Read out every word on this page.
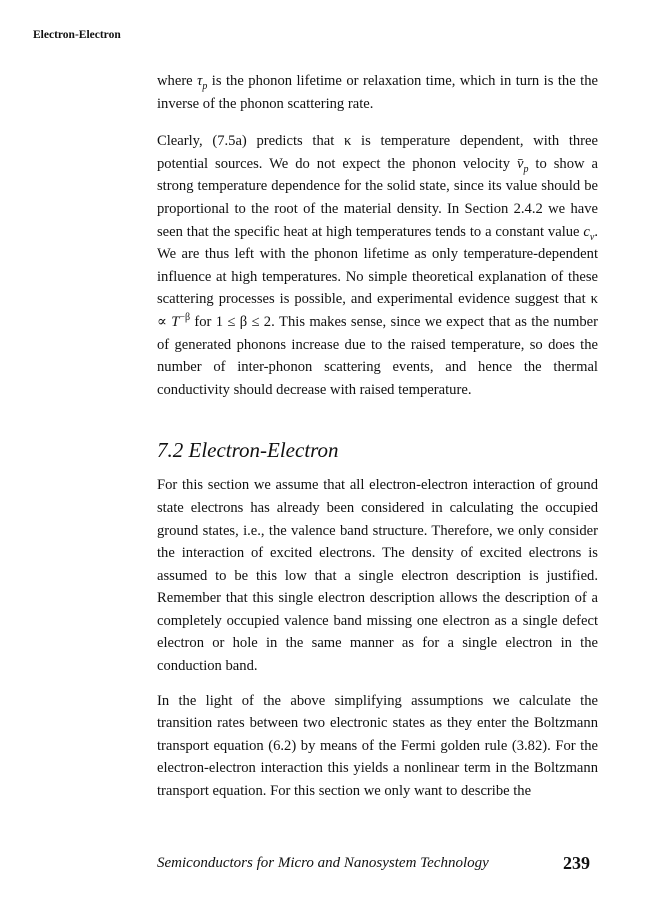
Electron-Electron

where $\tau_p$ is the phonon lifetime or relaxation time, which in turn is the the inverse of the phonon scattering rate.

Clearly, (7.5a) predicts that κ is temperature dependent, with three potential sources. We do not expect the phonon velocity $v̄_p$ to show a strong temperature dependence for the solid state, since its value should be proportional to the root of the material density. In Section 2.4.2 we have seen that the specific heat at high temperatures tends to a constant value $c_v$. We are thus left with the phonon lifetime as only temperature-dependent influence at high temperatures. No simple theoretical explanation of these scattering processes is possible, and experimental evidence suggest that $\kappa \propto T^{-\beta}$ for 1 ≤ β ≤ 2. This makes sense, since we expect that as the number of generated phonons increase due to the raised temperature, so does the number of inter-phonon scattering events, and hence the thermal conductivity should decrease with raised temperature.

7.2 Electron-Electron

For this section we assume that all electron-electron interaction of ground state electrons has already been considered in calculating the occupied ground states, i.e., the valence band structure. Therefore, we only consider the interaction of excited electrons. The density of excited electrons is assumed to be this low that a single electron description is justified. Remember that this single electron description allows the description of a completely occupied valence band missing one electron as a single defect electron or hole in the same manner as for a single electron in the conduction band.

In the light of the above simplifying assumptions we calculate the transition rates between two electronic states as they enter the Boltzmann transport equation (6.2) by means of the Fermi golden rule (3.82). For the electron-electron interaction this yields a nonlinear term in the Boltzmann transport equation. For this section we only want to describe the

Semiconductors for Micro and Nanosystem Technology	239
